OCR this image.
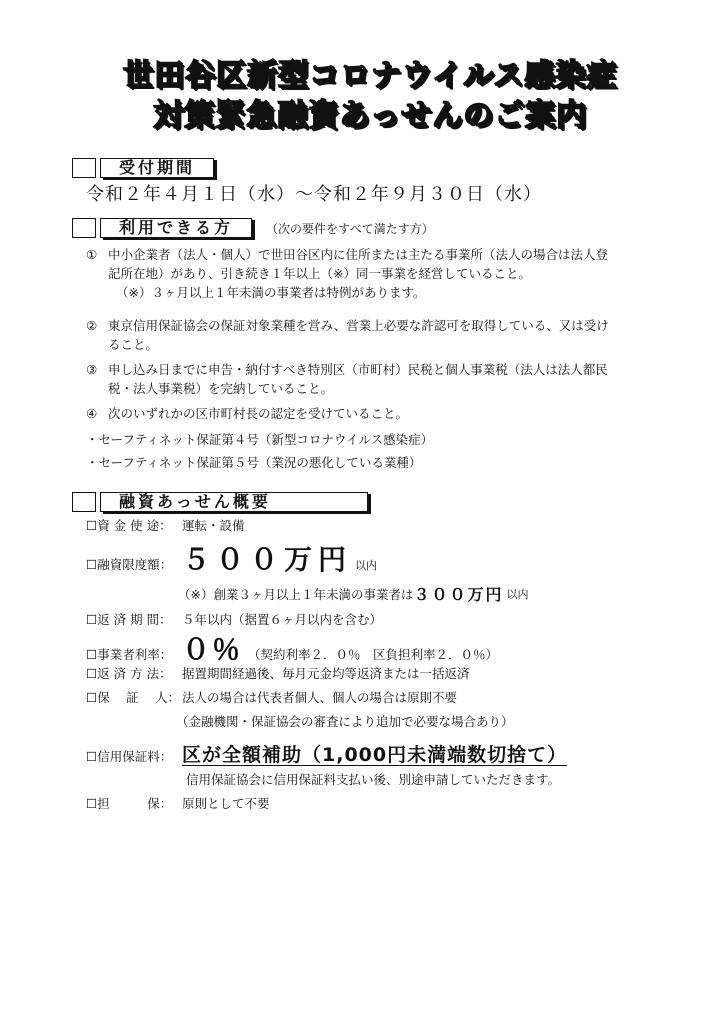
世田谷区新型コロナウイルス感染症
対策緊急融資あっせんのご案内
受付期間
令和２年４月１日（水）～令和２年９月３０日（水）
利用できる方	（次の要件をすべて満たす方）
① 中小企業者（法人・個人）で世田谷区内に住所または主たる事業所（法人の場合は法人登
記所在地）があり、引き続き１年以上（※）同一事業を経営していること。
（※）３ヶ月以上１年未満の事業者は特例があります。
② 東京信用保証協会の保証対象業種を営み、営業上必要な許認可を取得している、又は受け
ること。
③ 申し込み日までに申告・納付すべき特別区（市町村）民税と個人事業税（法人は法人都民
税・法人事業税）を完納していること。
④ 次のいずれかの区市町村長の認定を受けていること。
・セーフティネット保証第４号（新型コロナウイルス感染症）
・セーフティネット保証第５号（業況の悪化している業種）
融資あっせん概要
☐資 金 使 途： 運転・設備
☐融資限度額： ５００万円 以内
（※）創業３ヶ月以上１年未満の事業者は ３００万円 以内
☐返 済 期 間： ５年以内（据置６ヶ月以内を含む）
☐事業者利率： ０％ （契約利率２．０％　区負担利率２．０％）
☐返 済 方 法： 据置期間経過後、毎月元金均等返済または一括返済
☐保　 証 　人： 法人の場合は代表者個人、個人の場合は原則不要
（金融機関・保証協会の審査により追加で必要な場合あり）
☐信用保証料： 区が全額補助（1,000円未満端数切捨て）
信用保証協会に信用保証料支払い後、別途申請していただきます。
☐担　　　保： 原則として不要
